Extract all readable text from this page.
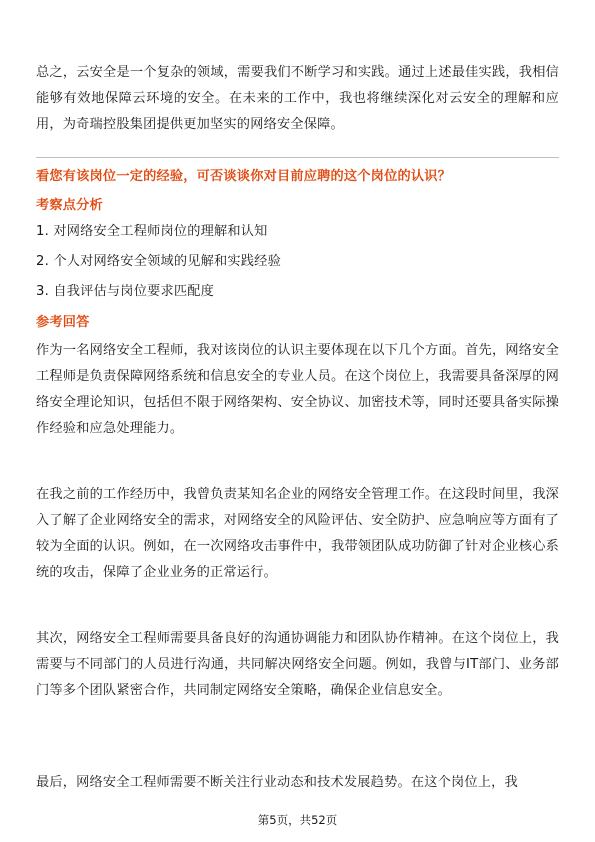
总之，云安全是一个复杂的领域，需要我们不断学习和实践。通过上述最佳实践，我相信能够有效地保障云环境的安全。在未来的工作中，我也将继续深化对云安全的理解和应用，为奇瑞控股集团提供更加坚实的网络安全保障。

看您有该岗位一定的经验，可否谈谈你对目前应聘的这个岗位的认识？

考察点分析

1. 对网络安全工程师岗位的理解和认知

2. 个人对网络安全领域的见解和实践经验

3. 自我评估与岗位要求匹配度

参考回答

作为一名网络安全工程师，我对该岗位的认识主要体现在以下几个方面。首先，网络安全工程师是负责保障网络系统和信息安全的专业人员。在这个岗位上，我需要具备深厚的网络安全理论知识，包括但不限于网络架构、安全协议、加密技术等，同时还要具备实际操作经验和应急处理能力。

在我之前的工作经历中，我曾负责某知名企业的网络安全管理工作。在这段时间里，我深入了解了企业网络安全的需求，对网络安全的风险评估、安全防护、应急响应等方面有了较为全面的认识。例如，在一次网络攻击事件中，我带领团队成功防御了针对企业核心系统的攻击，保障了企业业务的正常运行。

其次，网络安全工程师需要具备良好的沟通协调能力和团队协作精神。在这个岗位上，我需要与不同部门的人员进行沟通，共同解决网络安全问题。例如，我曾与IT部门、业务部门等多个团队紧密合作，共同制定网络安全策略，确保企业信息安全。

最后，网络安全工程师需要不断关注行业动态和技术发展趋势。在这个岗位上，我

第5页，共52页
